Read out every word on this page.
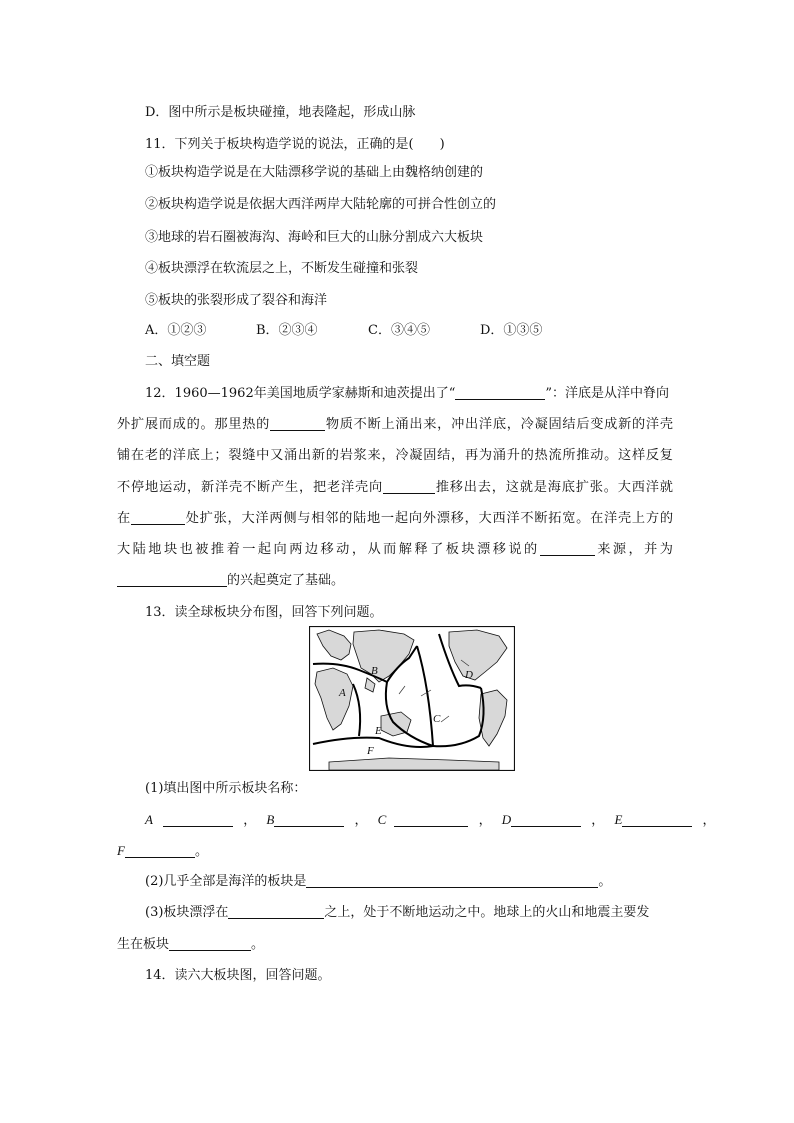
D．图中所示是板块碰撞，地表隆起，形成山脉
11．下列关于板块构造学说的说法，正确的是(　　)
①板块构造学说是在大陆漂移学说的基础上由魏格纳创建的
②板块构造学说是依据大西洋两岸大陆轮廓的可拼合性创立的
③地球的岩石圈被海沟、海岭和巨大的山脉分割成六大板块
④板块漂浮在软流层之上，不断发生碰撞和张裂
⑤板块的张裂形成了裂谷和海洋
A．①②③	B．②③④	C．③④⑤	D．①③⑤
二、填空题
12．1960—1962年美国地质学家赫斯和迪茨提出了“	”：洋底是从洋中脊向
外扩展而成的。那里热的	物质不断上涌出来，冲出洋底，冷凝固结后变成新的洋壳
铺在老的洋底上；裂缝中又涌出新的岩浆来，冷凝固结，再为涌升的热流所推动。这样反复
不停地运动，新洋壳不断产生，把老洋壳向	推移出去，这就是海底扩张。大西洋就
在	处扩张，大洋两侧与相邻的陆地一起向外漂移，大西洋不断拓宽。在洋壳上方的
大陆地块也被推着一起向两边移动，从而解释了板块漂移说的	来源，并为
的兴起奠定了基础。
13．读全球板块分布图，回答下列问题。
A
B
C
D
E
F
(1)填出图中所示板块名称：
A	， B	， C	， D	， E	，
F	。
(2)几乎全部是海洋的板块是	。
(3)板块漂浮在	之上，处于不断地运动之中。地球上的火山和地震主要发
生在板块	。
14．读六大板块图，回答问题。
